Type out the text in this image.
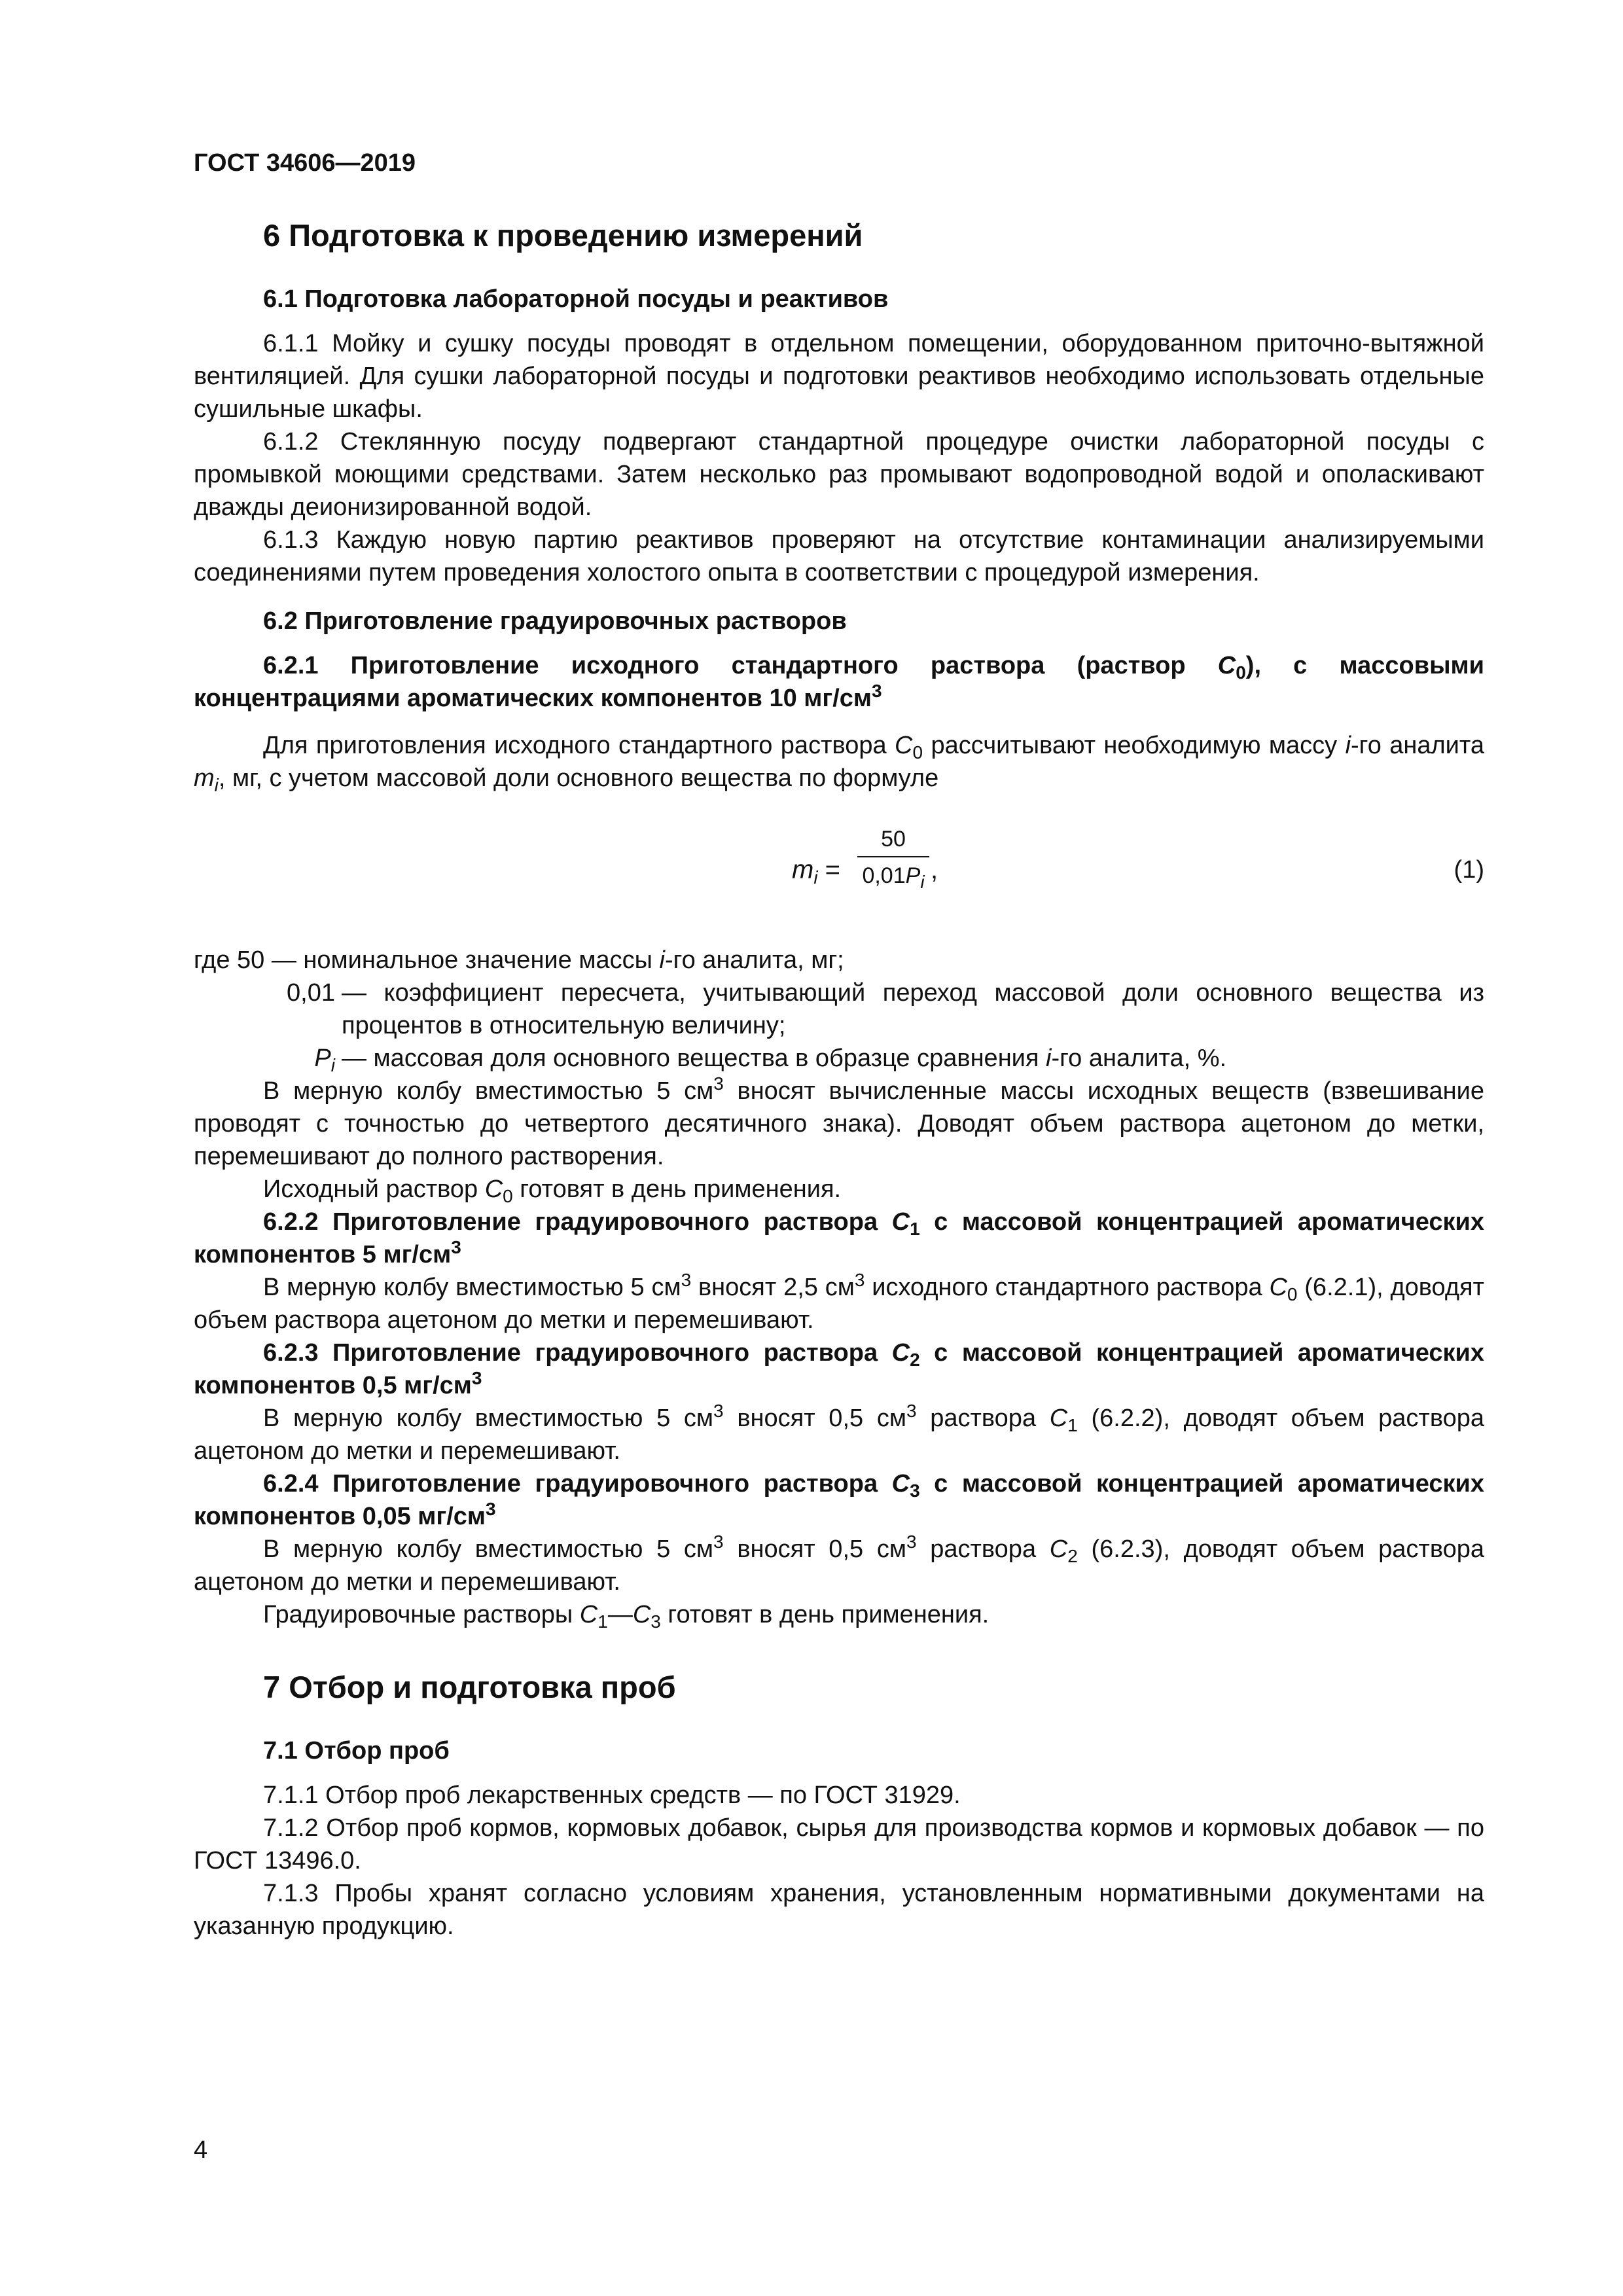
ГОСТ 34606—2019
6 Подготовка к проведению измерений
6.1 Подготовка лабораторной посуды и реактивов

6.1.1 Мойку и сушку посуды проводят в отдельном помещении, оборудованном приточно-вытяжной вентиляцией. Для сушки лабораторной посуды и подготовки реактивов необходимо использовать отдельные сушильные шкафы.

6.1.2 Стеклянную посуду подвергают стандартной процедуре очистки лабораторной посуды с промывкой моющими средствами. Затем несколько раз промывают водопроводной водой и ополаскивают дважды деионизированной водой.

6.1.3 Каждую новую партию реактивов проверяют на отсутствие контаминации анализируемыми соединениями путем проведения холостого опыта в соответствии с процедурой измерения.

6.2 Приготовление градуировочных растворов

6.2.1 Приготовление исходного стандартного раствора (раствор $C_0$), с массовыми концентрациями ароматических компонентов 10 $мг/см^3$

Для приготовления исходного стандартного раствора $C_0$ рассчитывают необходимую массу i-го аналита $m_i$, мг, с учетом массовой доли основного вещества по формуле

$m_i$ =
50
$0,01P_i$ ,	(1)

где 50 — номинальное значение массы i-го аналита, мг;

0,01 — коэффициент пересчета, учитывающий переход массовой доли основного вещества из процентов в относительную величину;
$P_i$ — массовая доля основного вещества в образце сравнения i-го аналита, %.

В мерную колбу вместимостью 5 $см^3$ вносят вычисленные массы исходных веществ (взвешивание проводят с точностью до четвертого десятичного знака). Доводят объем раствора ацетоном до метки, перемешивают до полного растворения.

Исходный раствор $C_0$ готовят в день применения.

6.2.2 Приготовление градуировочного раствора $C_1$ с массовой концентрацией ароматических компонентов 5 $мг/см^3$

В мерную колбу вместимостью 5 $см^3$ вносят 2,5 $см^3$ исходного стандартного раствора $C_0$ (6.2.1), доводят объем раствора ацетоном до метки и перемешивают.

6.2.3 Приготовление градуировочного раствора $C_2$ с массовой концентрацией ароматических компонентов 0,5 $мг/см^3$

В мерную колбу вместимостью 5 $см^3$ вносят 0,5 $см^3$ раствора $C_1$ (6.2.2), доводят объем раствора ацетоном до метки и перемешивают.

6.2.4 Приготовление градуировочного раствора $C_3$ с массовой концентрацией ароматических компонентов 0,05 $мг/см^3$

В мерную колбу вместимостью 5 $см^3$ вносят 0,5 $см^3$ раствора $C_2$ (6.2.3), доводят объем раствора ацетоном до метки и перемешивают.

Градуировочные растворы $C_1—C_3$ готовят в день применения.

7 Отбор и подготовка проб
7.1 Отбор проб

7.1.1 Отбор проб лекарственных средств — по ГОСТ 31929.

7.1.2 Отбор проб кормов, кормовых добавок, сырья для производства кормов и кормовых добавок — по ГОСТ 13496.0.

7.1.3 Пробы хранят согласно условиям хранения, установленным нормативными документами на указанную продукцию.

4
